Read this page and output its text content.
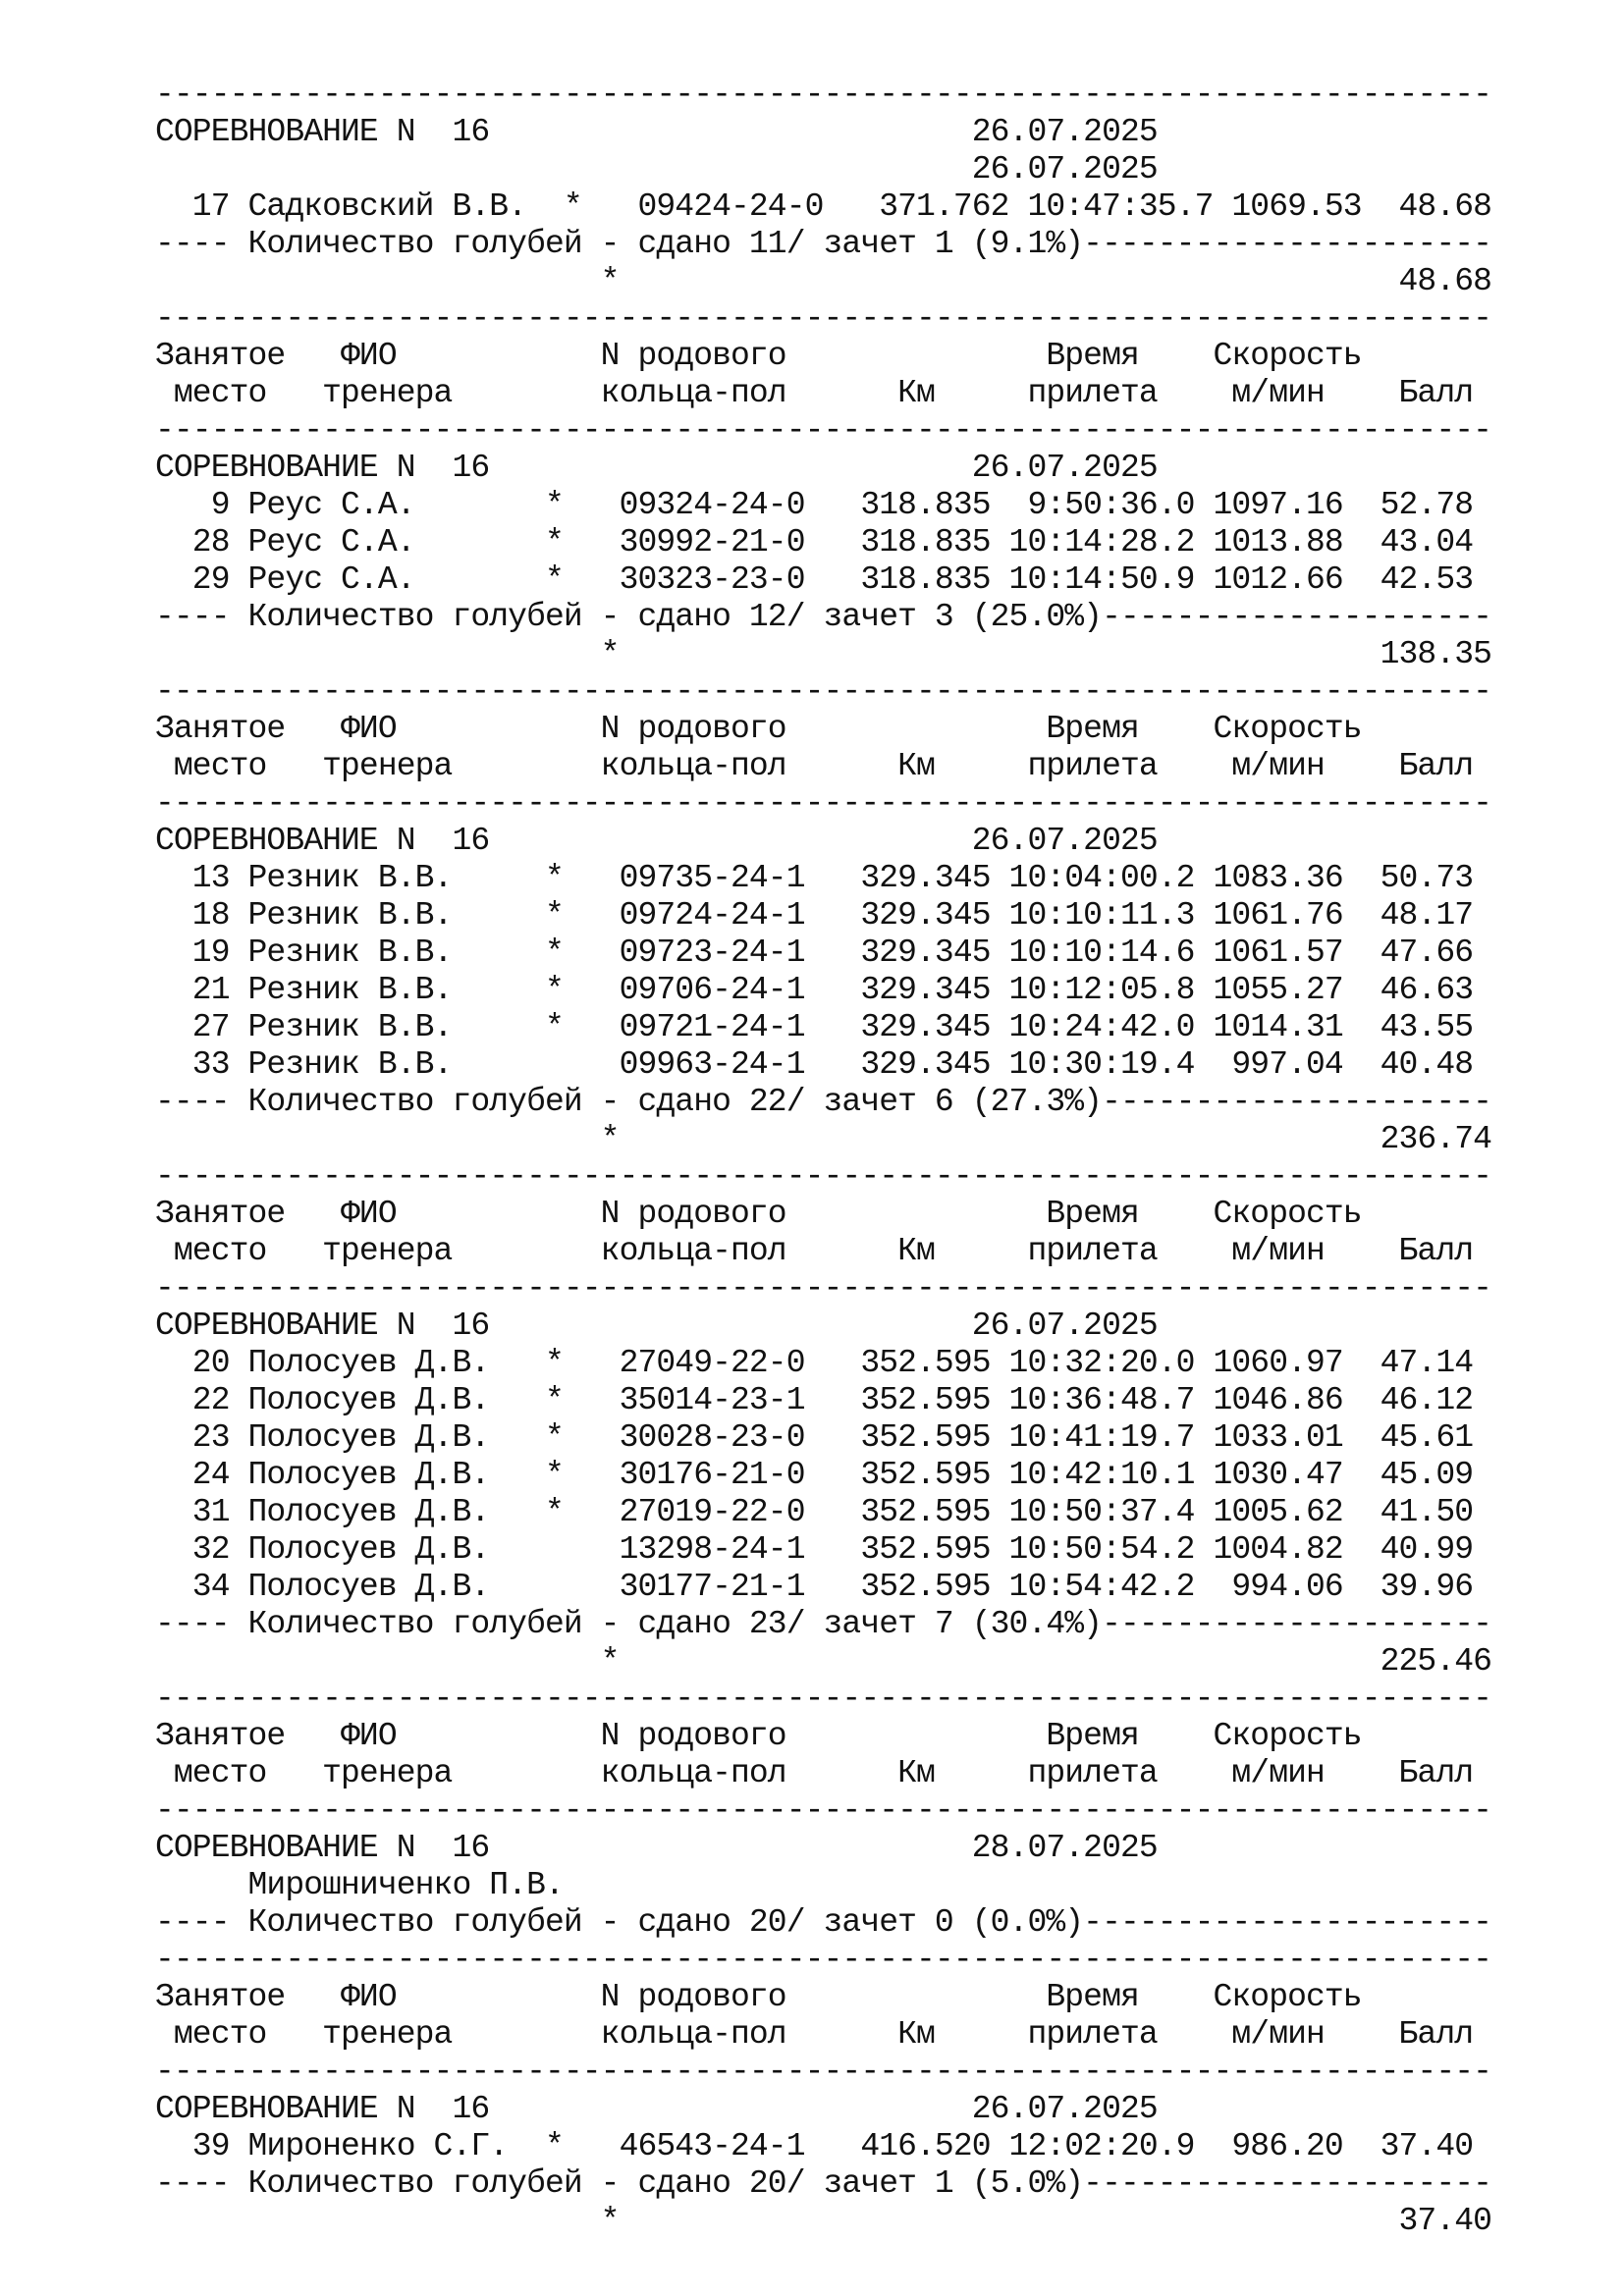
------------------------------------------------------------------------
СОРЕВНОВАНИЕ N  16                          26.07.2025
26.07.2025
17 Садковский В.В.  *   09424-24-0   371.762 10:47:35.7 1069.53  48.68
---- Количество голубей - сдано 11/ зачет 1 (9.1%)----------------------
*                                          48.68
------------------------------------------------------------------------
Занятое   ФИО           N родового              Время    Скорость
место   тренера        кольца-пол      Км     прилета    м/мин    Балл
------------------------------------------------------------------------
СОРЕВНОВАНИЕ N  16                          26.07.2025
9 Реус С.А.       *   09324-24-0   318.835  9:50:36.0 1097.16  52.78
28 Реус С.А.       *   30992-21-0   318.835 10:14:28.2 1013.88  43.04
29 Реус С.А.       *   30323-23-0   318.835 10:14:50.9 1012.66  42.53
---- Количество голубей - сдано 12/ зачет 3 (25.0%)---------------------
*                                         138.35
------------------------------------------------------------------------
Занятое   ФИО           N родового              Время    Скорость
место   тренера        кольца-пол      Км     прилета    м/мин    Балл
------------------------------------------------------------------------
СОРЕВНОВАНИЕ N  16                          26.07.2025
13 Резник В.В.     *   09735-24-1   329.345 10:04:00.2 1083.36  50.73
18 Резник В.В.     *   09724-24-1   329.345 10:10:11.3 1061.76  48.17
19 Резник В.В.     *   09723-24-1   329.345 10:10:14.6 1061.57  47.66
21 Резник В.В.     *   09706-24-1   329.345 10:12:05.8 1055.27  46.63
27 Резник В.В.     *   09721-24-1   329.345 10:24:42.0 1014.31  43.55
33 Резник В.В.         09963-24-1   329.345 10:30:19.4  997.04  40.48
---- Количество голубей - сдано 22/ зачет 6 (27.3%)---------------------
*                                         236.74
------------------------------------------------------------------------
Занятое   ФИО           N родового              Время    Скорость
место   тренера        кольца-пол      Км     прилета    м/мин    Балл
------------------------------------------------------------------------
СОРЕВНОВАНИЕ N  16                          26.07.2025
20 Полосуев Д.В.   *   27049-22-0   352.595 10:32:20.0 1060.97  47.14
22 Полосуев Д.В.   *   35014-23-1   352.595 10:36:48.7 1046.86  46.12
23 Полосуев Д.В.   *   30028-23-0   352.595 10:41:19.7 1033.01  45.61
24 Полосуев Д.В.   *   30176-21-0   352.595 10:42:10.1 1030.47  45.09
31 Полосуев Д.В.   *   27019-22-0   352.595 10:50:37.4 1005.62  41.50
32 Полосуев Д.В.       13298-24-1   352.595 10:50:54.2 1004.82  40.99
34 Полосуев Д.В.       30177-21-1   352.595 10:54:42.2  994.06  39.96
---- Количество голубей - сдано 23/ зачет 7 (30.4%)---------------------
*                                         225.46
------------------------------------------------------------------------
Занятое   ФИО           N родового              Время    Скорость
место   тренера        кольца-пол      Км     прилета    м/мин    Балл
------------------------------------------------------------------------
СОРЕВНОВАНИЕ N  16                          28.07.2025
Мирошниченко П.В.
---- Количество голубей - сдано 20/ зачет 0 (0.0%)----------------------
------------------------------------------------------------------------
Занятое   ФИО           N родового              Время    Скорость
место   тренера        кольца-пол      Км     прилета    м/мин    Балл
------------------------------------------------------------------------
СОРЕВНОВАНИЕ N  16                          26.07.2025
39 Мироненко С.Г.  *   46543-24-1   416.520 12:02:20.9  986.20  37.40
---- Количество голубей - сдано 20/ зачет 1 (5.0%)----------------------
*                                          37.40
